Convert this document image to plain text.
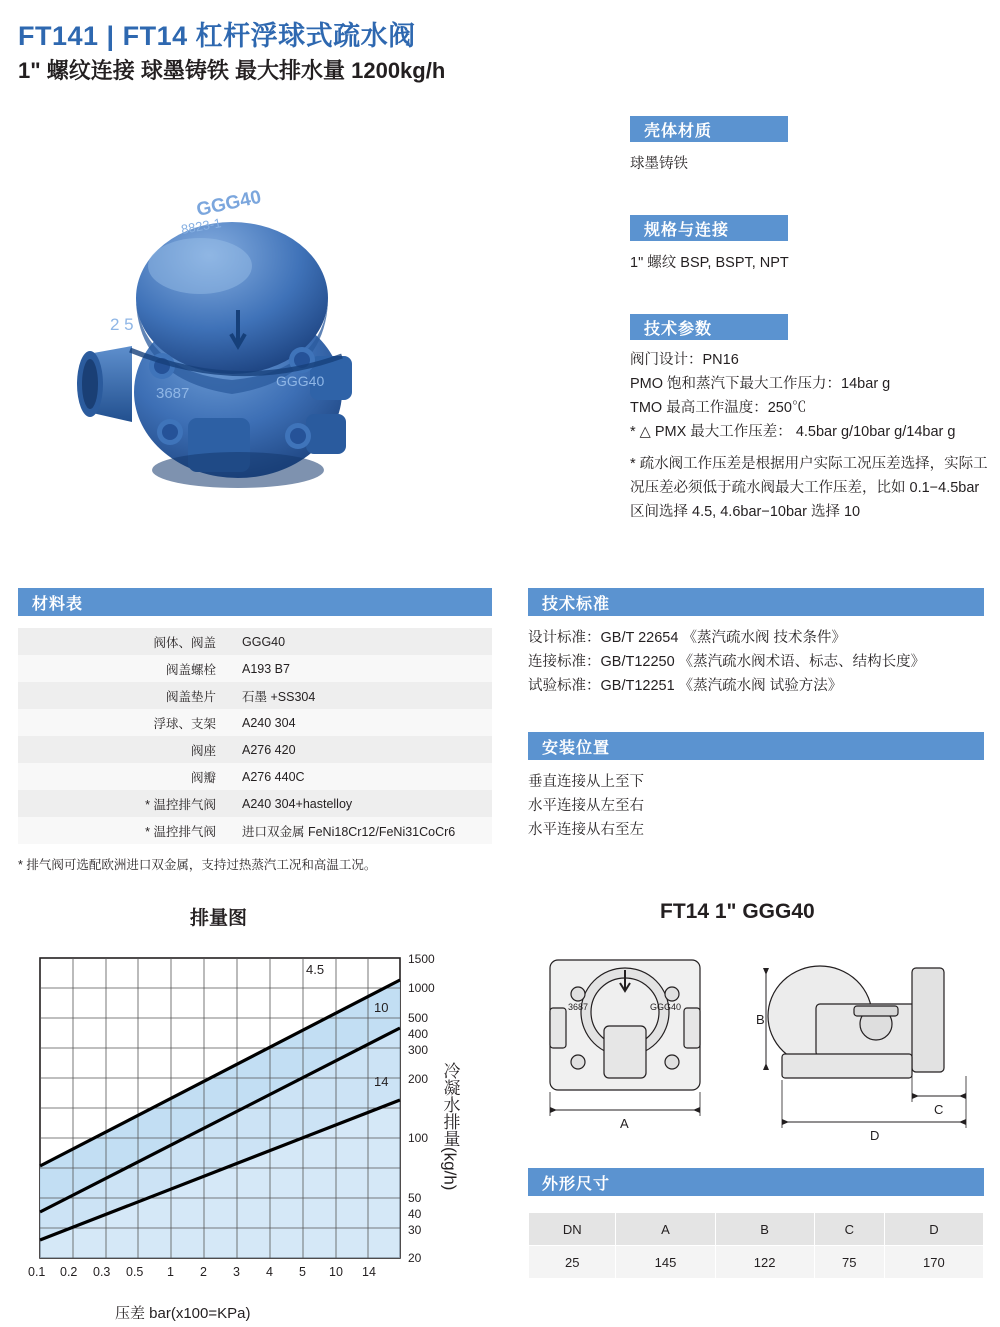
FT141 | FT14 杠杆浮球式疏水阀
1" 螺纹连接 球墨铸铁 最大排水量 1200kg/h
GGG40
8823-1
2 5
3687
GGG40
壳体材质
球墨铸铁
规格与连接
1" 螺纹 BSP, BSPT, NPT
技术参数
阀门设计：PN16
PMO 饱和蒸汽下最大工作压力：14bar g
TMO 最高工作温度：250℃
* △ PMX 最大工作压差： 4.5bar g/10bar g/14bar g
* 疏水阀工作压差是根据用户实际工况压差选择，实际工况压差必须低于疏水阀最大工作压差，比如 0.1−4.5bar 区间选择 4.5, 4.6bar−10bar 选择 10
材料表
阀体、阀盖	GGG40
阀盖螺栓	A193 B7
阀盖垫片	石墨 +SS304
浮球、支架	A240 304
阀座	A276 420
阀瓣	A276 440C
* 温控排气阀	A240 304+hastelloy
* 温控排气阀	进口双金属 FeNi18Cr12/FeNi31CoCr6
* 排气阀可选配欧洲进口双金属，支持过热蒸汽工况和高温工况。
技术标准
设计标准：GB/T 22654 《蒸汽疏水阀 技术条件》
连接标准：GB/T12250 《蒸汽疏水阀术语、标志、结构长度》
试验标准：GB/T12251 《蒸汽疏水阀 试验方法》
安装位置
垂直连接从上至下
水平连接从左至右
水平连接从右至左
排量图
4.5
10
14
1500
1000
500
400
300
200
100
50
40
30
20
0.1 0.2 0.3 0.5 1 2 3 4 5 10 14
冷凝水排量(kg/h)
压差 bar(x100=KPa)
FT14 1" GGG40
A
B
C
D
3687	GGG40
外形尺寸
DN	A	B	C	D
25	145	122	75	170
